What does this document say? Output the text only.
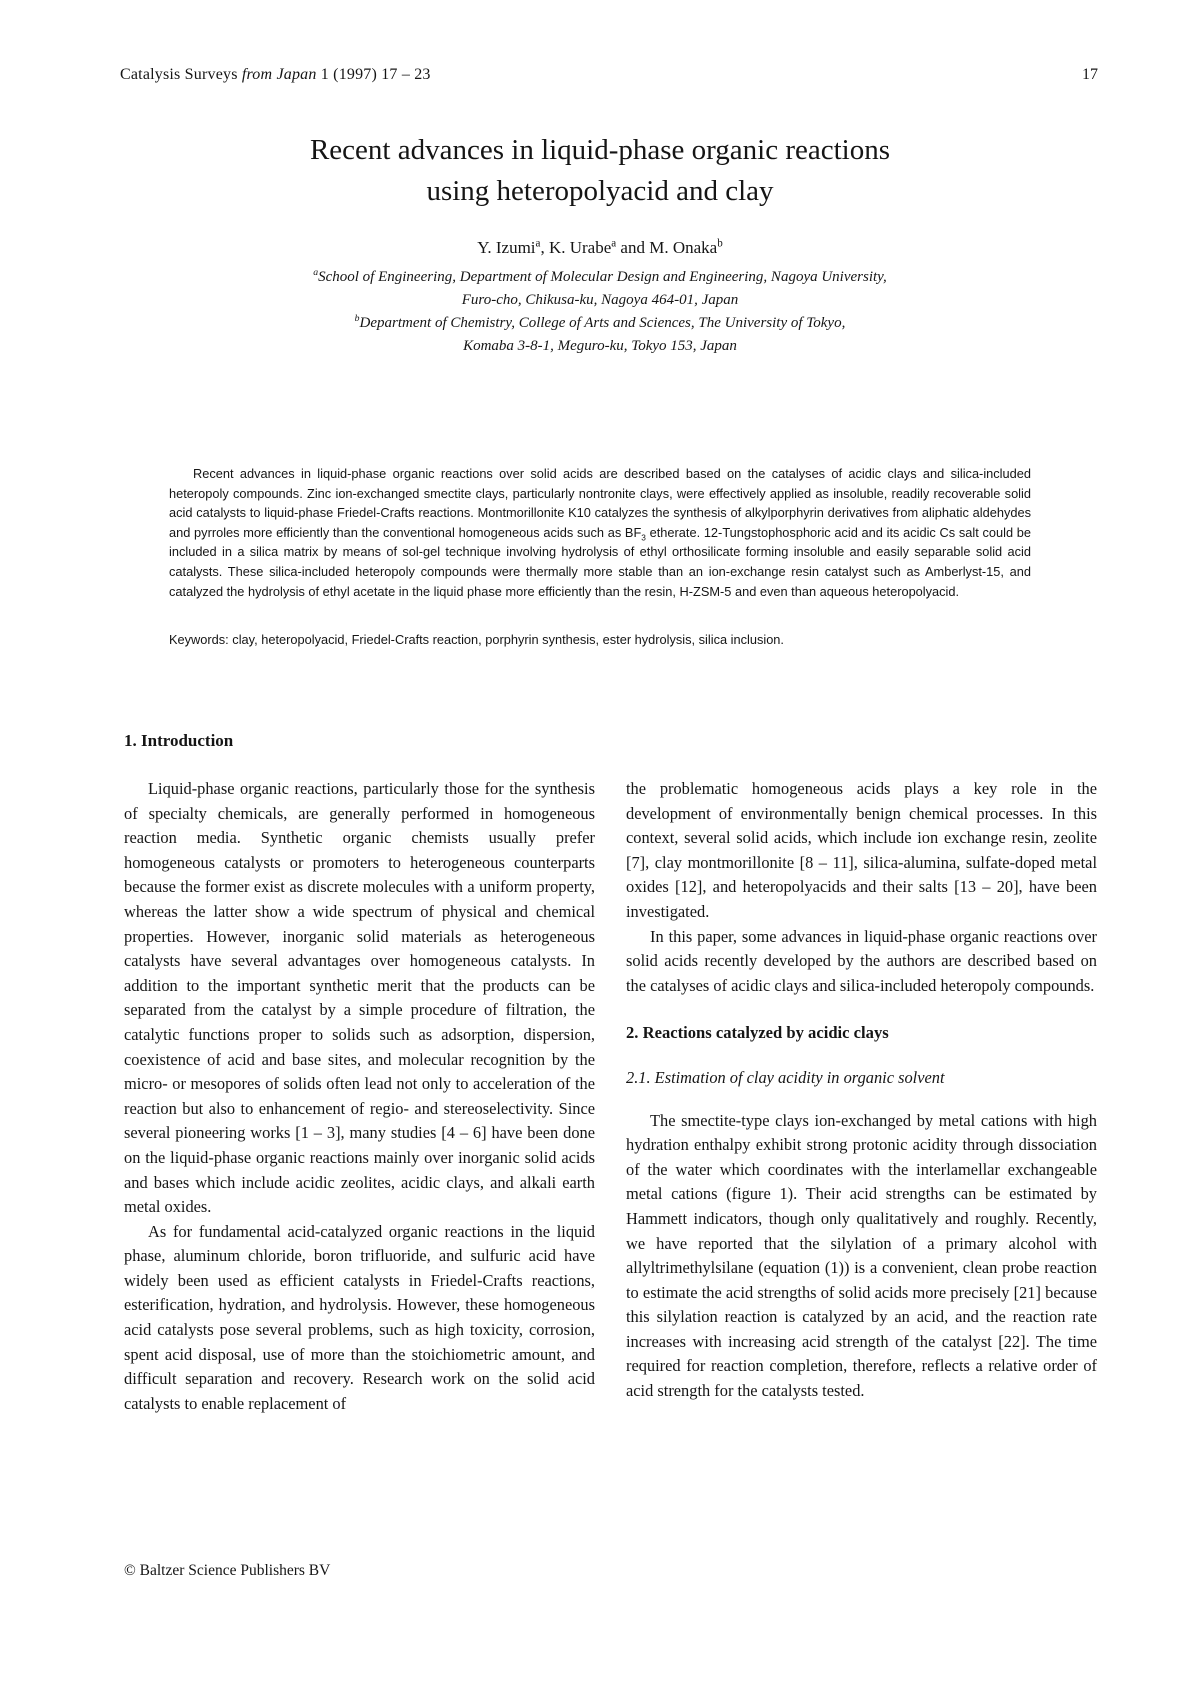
Catalysis Surveys from Japan 1 (1997) 17 – 23	17
Recent advances in liquid-phase organic reactions
using heteropolyacid and clay
Y. Izumi$^a$, K. Urabe$^a$ and M. Onaka$^b$
$^a$School of Engineering, Department of Molecular Design and Engineering, Nagoya University,
Furo-cho, Chikusa-ku, Nagoya 464-01, Japan
$^b$Department of Chemistry, College of Arts and Sciences, The University of Tokyo,
Komaba 3-8-1, Meguro-ku, Tokyo 153, Japan

Recent advances in liquid-phase organic reactions over solid acids are described based on the catalyses of acidic clays and silica-included heteropoly compounds. Zinc ion-exchanged smectite clays, particularly nontronite clays, were effectively applied as insoluble, readily recoverable solid acid catalysts to liquid-phase Friedel-Crafts reactions. Montmorillonite K10 catalyzes the synthesis of alkylporphyrin derivatives from aliphatic aldehydes and pyrroles more efficiently than the conventional homogeneous acids such as $BF_3$ etherate. 12-Tungstophosphoric acid and its acidic Cs salt could be included in a silica matrix by means of sol-gel technique involving hydrolysis of ethyl orthosilicate forming insoluble and easily separable solid acid catalysts. These silica-included heteropoly compounds were thermally more stable than an ion-exchange resin catalyst such as Amberlyst-15, and catalyzed the hydrolysis of ethyl acetate in the liquid phase more efficiently than the resin, H-ZSM-5 and even than aqueous heteropolyacid.

Keywords: clay, heteropolyacid, Friedel-Crafts reaction, porphyrin synthesis, ester hydrolysis, silica inclusion.
1. Introduction

Liquid-phase organic reactions, particularly those for the synthesis of specialty chemicals, are generally performed in homogeneous reaction media. Synthetic organic chemists usually prefer homogeneous catalysts or promoters to heterogeneous counterparts because the former exist as discrete molecules with a uniform property, whereas the latter show a wide spectrum of physical and chemical properties. However, inorganic solid materials as heterogeneous catalysts have several advantages over homogeneous catalysts. In addition to the important synthetic merit that the products can be separated from the catalyst by a simple procedure of filtration, the catalytic functions proper to solids such as adsorption, dispersion, coexistence of acid and base sites, and molecular recognition by the micro- or mesopores of solids often lead not only to acceleration of the reaction but also to enhancement of regio- and stereoselectivity. Since several pioneering works [1 – 3], many studies [4 – 6] have been done on the liquid-phase organic reactions mainly over inorganic solid acids and bases which include acidic zeolites, acidic clays, and alkali earth metal oxides.

As for fundamental acid-catalyzed organic reactions in the liquid phase, aluminum chloride, boron trifluoride, and sulfuric acid have widely been used as efficient catalysts in Friedel-Crafts reactions, esterification, hydration, and hydrolysis. However, these homogeneous acid catalysts pose several problems, such as high toxicity, corrosion, spent acid disposal, use of more than the stoichiometric amount, and difficult separation and recovery. Research work on the solid acid catalysts to enable replacement of

the problematic homogeneous acids plays a key role in the development of environmentally benign chemical processes. In this context, several solid acids, which include ion exchange resin, zeolite [7], clay montmorillonite [8 – 11], silica-alumina, sulfate-doped metal oxides [12], and heteropolyacids and their salts [13 – 20], have been investigated.

In this paper, some advances in liquid-phase organic reactions over solid acids recently developed by the authors are described based on the catalyses of acidic clays and silica-included heteropoly compounds.

2. Reactions catalyzed by acidic clays
2.1. Estimation of clay acidity in organic solvent

The smectite-type clays ion-exchanged by metal cations with high hydration enthalpy exhibit strong protonic acidity through dissociation of the water which coordinates with the interlamellar exchangeable metal cations (figure 1). Their acid strengths can be estimated by Hammett indicators, though only qualitatively and roughly. Recently, we have reported that the silylation of a primary alcohol with allyltrimethylsilane (equation (1)) is a convenient, clean probe reaction to estimate the acid strengths of solid acids more precisely [21] because this silylation reaction is catalyzed by an acid, and the reaction rate increases with increasing acid strength of the catalyst [22]. The time required for reaction completion, therefore, reflects a relative order of acid strength for the catalysts tested.

© Baltzer Science Publishers BV
